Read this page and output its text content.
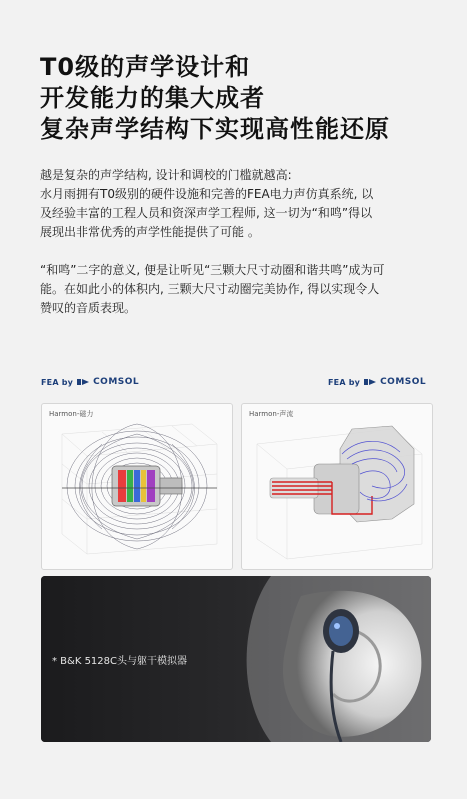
T0级的声学设计和
开发能力的集大成者
复杂声学结构下实现高性能还原
越是复杂的声学结构, 设计和调校的门槛就越高:
水月雨拥有T0级别的硬件设施和完善的FEA电力声仿真系统, 以
及经验丰富的工程人员和资深声学工程师, 这一切为“和鸣”得以
展现出非常优秀的声学性能提供了可能 。
“和鸣”二字的意义, 便是让听见“三颗大尺寸动圈和谐共鸣”成为可
能。在如此小的体积内, 三颗大尺寸动圈完美协作, 得以实现令人
赞叹的音质表现。
FEA by COMSOL	FEA by COMSOL
Harmon-磁力	Harmon-声流
* B&K 5128C头与躯干模拟器
